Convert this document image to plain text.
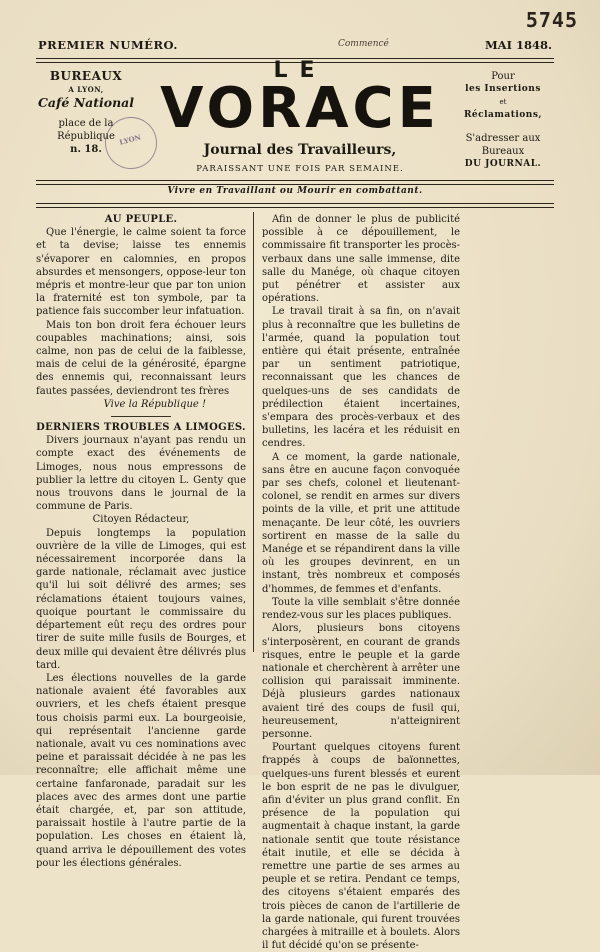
5745
PREMIER NUMÉRO.	Commencé	MAI 1848.
BUREAUX
A LYON,
Café National
place de la République
n. 18.
LYON
LE
VORACE
Journal des Travailleurs,
PARAISSANT UNE FOIS PAR SEMAINE.
Pour
les Insertions
et
Réclamations,
S'adresser aux Bureaux
DU JOURNAL.
Vivre en Travaillant ou Mourir en combattant.
AU PEUPLE.

Que l'énergie, le calme soient ta force et ta devise; laisse tes ennemis s'évaporer en calomnies, en propos absurdes et mensongers, oppose-leur ton mépris et montre-leur que par ton union la fraternité est ton symbole, par ta patience fais succomber leur infatuation.

Mais ton bon droit fera échouer leurs coupables machinations; ainsi, sois calme, non pas de celui de la faiblesse, mais de celui de la générosité, épargne des ennemis qui, reconnaissant leurs fautes passées, deviendront tes frères

Vive la République !

DERNIERS TROUBLES A LIMOGES.

Divers journaux n'ayant pas rendu un compte exact des événements de Limoges, nous nous empressons de publier la lettre du citoyen L. Genty que nous trouvons dans le journal de la commune de Paris.

Citoyen Rédacteur,

Depuis longtemps la population ouvrière de la ville de Limoges, qui est nécessairement incorporée dans la garde nationale, réclamait avec justice qu'il lui soit délivré des armes; ses réclamations étaient toujours vaines, quoique pourtant le commissaire du département eût reçu des ordres pour tirer de suite mille fusils de Bourges, et deux mille qui devaient être délivrés plus tard.

Les élections nouvelles de la garde nationale avaient été favorables aux ouvriers, et les chefs étaient presque tous choisis parmi eux. La bourgeoisie, qui représentait l'ancienne garde nationale, avait vu ces nominations avec peine et paraissait décidée à ne pas les reconnaître; elle affichait même une certaine fanfaronade, paradait sur les places avec des armes dont une partie était chargée, et, par son attitude, paraissait hostile à l'autre partie de la population. Les choses en étaient là, quand arriva le dépouillement des votes pour les élections générales.

Afin de donner le plus de publicité possible à ce dépouillement, le commissaire fit transporter les procès-verbaux dans une salle immense, dite salle du Manége, où chaque citoyen put pénétrer et assister aux opérations.

Le travail tirait à sa fin, on n'avait plus à reconnaître que les bulletins de l'armée, quand la population tout entière qui était présente, entraînée par un sentiment patriotique, reconnaissant que les chances de quelques-uns de ses candidats de prédilection étaient incertaines, s'empara des procès-verbaux et des bulletins, les lacéra et les réduisit en cendres.

A ce moment, la garde nationale, sans être en aucune façon convoquée par ses chefs, colonel et lieutenant-colonel, se rendit en armes sur divers points de la ville, et prit une attitude menaçante. De leur côté, les ouvriers sortirent en masse de la salle du Manége et se répandirent dans la ville où les groupes devinrent, en un instant, très nombreux et composés d'hommes, de femmes et d'enfants.

Toute la ville semblait s'être donnée rendez-vous sur les places publiques.

Alors, plusieurs bons citoyens s'interposèrent, en courant de grands risques, entre le peuple et la garde nationale et cherchèrent à arrêter une collision qui paraissait imminente. Déjà plusieurs gardes nationaux avaient tiré des coups de fusil qui, heureusement, n'atteignirent personne.

Pourtant quelques citoyens furent frappés à coups de baïonnettes, quelques-uns furent blessés et eurent le bon esprit de ne pas le divulguer, afin d'éviter un plus grand conflit. En présence de la population qui augmentait à chaque instant, la garde nationale sentit que toute résistance était inutile, et elle se décida à remettre une partie de ses armes au peuple et se retira. Pendant ce temps, des citoyens s'étaient emparés des trois pièces de canon de l'artillerie de la garde nationale, qui furent trouvées chargées à mitraille et à boulets. Alors il fut décidé qu'on se présente-
